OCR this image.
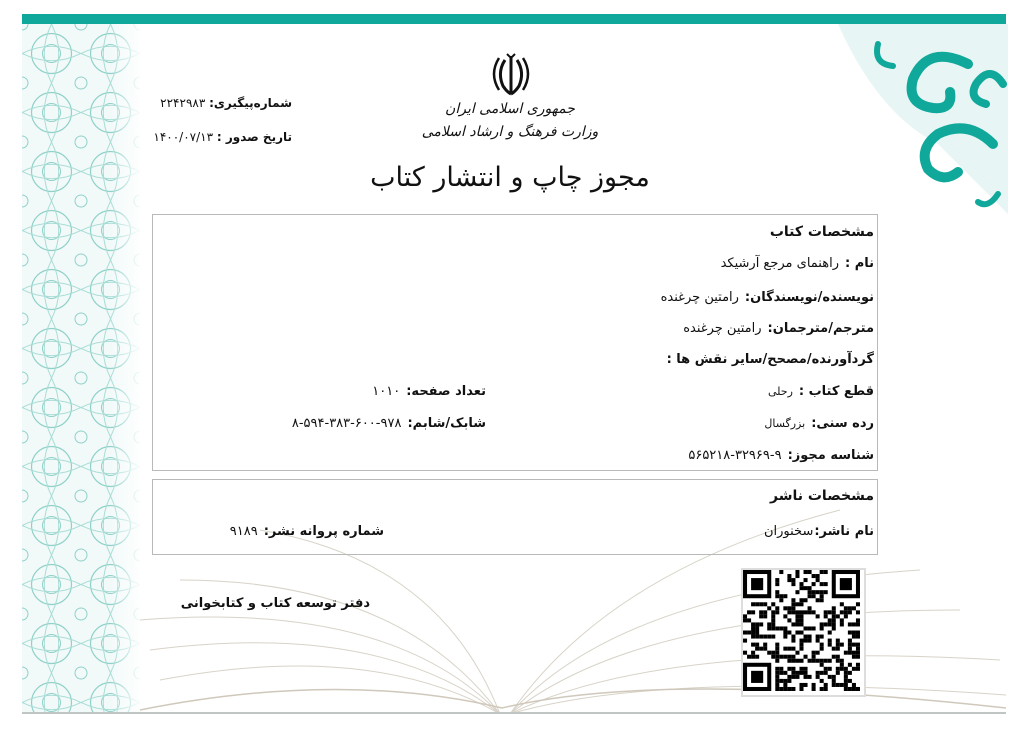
جمهوری اسلامی ایران
وزارت فرهنگ و ارشاد اسلامی
شماره‌پیگیری: ۲۲۴۲۹۸۳
تاریخ صدور : ۱۴۰۰/۰۷/۱۳
مجوز چاپ و انتشار کتاب
مشخصات کتاب
نام :راهنمای مرجع آرشیکد
نویسنده/نویسندگان:رامتین چرغنده
مترجم/مترجمان:رامتین چرغنده
گردآورنده/مصحح/سایر نقش ها :
قطع کتاب :رحلی
تعداد صفحه:۱۰۱۰
رده سنی:بزرگسال
شابک/شابم:۹۷۸-۶۰۰-۳۸۳-۵۹۴-۸
شناسه مجوز:۹-۳۲۹۶۹-۵۶۵۲۱۸
مشخصات ناشر
نام ناشر:سخنوران
شماره پروانه نشر:۹۱۸۹
دفتر توسعه کتاب و کتابخوانی
